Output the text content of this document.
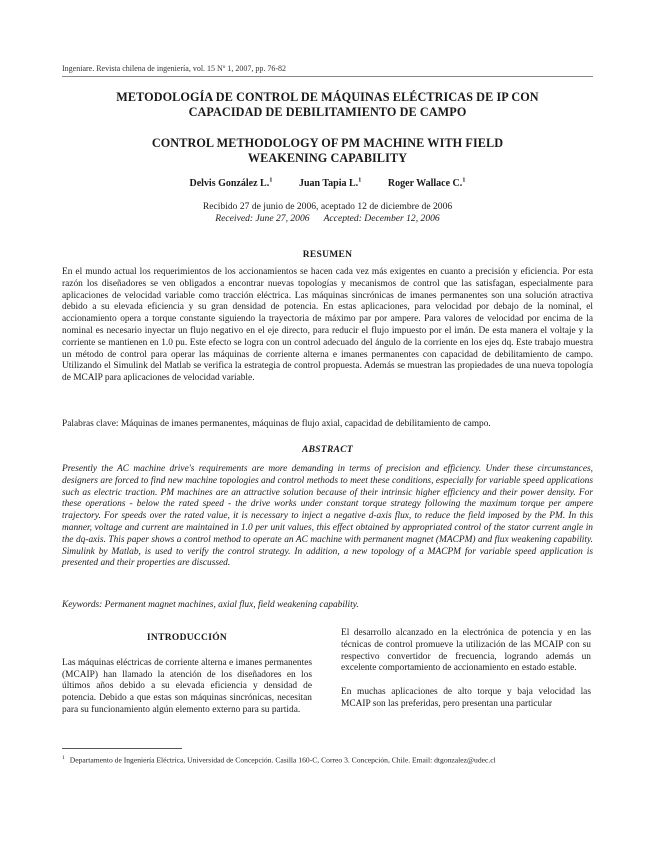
Ingeniare. Revista chilena de ingeniería, vol. 15 Nº 1, 2007, pp. 76-82
METODOLOGÍA DE CONTROL DE MÁQUINAS ELÉCTRICAS DE IP CON
CAPACIDAD DE DEBILITAMIENTO DE CAMPO
CONTROL METHODOLOGY OF PM MACHINE WITH FIELD
WEAKENING CAPABILITY
Delvis González L.$^1$	Juan Tapia L.$^1$	Roger Wallace C.$^1$
Recibido 27 de junio de 2006, aceptado 12 de diciembre de 2006
Received: June 27, 2006 Accepted: December 12, 2006
RESUMEN
En el mundo actual los requerimientos de los accionamientos se hacen cada vez más exigentes en cuanto a precisión y eficiencia. Por esta razón los diseñadores se ven obligados a encontrar nuevas topologías y mecanismos de control que las satisfagan, especialmente para aplicaciones de velocidad variable como tracción eléctrica. Las máquinas sincrónicas de imanes permanentes son una solución atractiva debido a su elevada eficiencia y su gran densidad de potencia. En estas aplicaciones, para velocidad por debajo de la nominal, el accionamiento opera a torque constante siguiendo la trayectoria de máximo par por ampere. Para valores de velocidad por encima de la nominal es necesario inyectar un flujo negativo en el eje directo, para reducir el flujo impuesto por el imán. De esta manera el voltaje y la corriente se mantienen en 1.0 pu. Este efecto se logra con un control adecuado del ángulo de la corriente en los ejes dq. Este trabajo muestra un método de control para operar las máquinas de corriente alterna e imanes permanentes con capacidad de debilitamiento de campo. Utilizando el Simulink del Matlab se verifica la estrategia de control propuesta. Además se muestran las propiedades de una nueva topología de MCAIP para aplicaciones de velocidad variable.
Palabras clave: Máquinas de imanes permanentes, máquinas de flujo axial, capacidad de debilitamiento de campo.
ABSTRACT
Presently the AC machine drive's requirements are more demanding in terms of precision and efficiency. Under these circumstances, designers are forced to find new machine topologies and control methods to meet these conditions, especially for variable speed applications such as electric traction. PM machines are an attractive solution because of their intrinsic higher efficiency and their power density. For these operations - below the rated speed - the drive works under constant torque strategy following the maximum torque per ampere trajectory. For speeds over the rated value, it is necessary to inject a negative d-axis flux, to reduce the field imposed by the PM. In this manner, voltage and current are maintained in 1.0 per unit values, this effect obtained by appropriated control of the stator current angle in the dq-axis. This paper shows a control method to operate an AC machine with permanent magnet (MACPM) and flux weakening capability. Simulink by Matlab, is used to verify the control strategy. In addition, a new topology of a MACPM for variable speed application is presented and their properties are discussed.
Keywords: Permanent magnet machines, axial flux, field weakening capability.
INTRODUCCIÓN

Las máquinas eléctricas de corriente alterna e imanes permanentes (MCAIP) han llamado la atención de los diseñadores en los últimos años debido a su elevada eficiencia y densidad de potencia. Debido a que estas son máquinas sincrónicas, necesitan para su funcionamiento algún elemento externo para su partida.

El desarrollo alcanzado en la electrónica de potencia y en las técnicas de control promueve la utilización de las MCAIP con su respectivo convertidor de frecuencia, logrando además un excelente comportamiento de accionamiento en estado estable.

En muchas aplicaciones de alto torque y baja velocidad las MCAIP son las preferidas, pero presentan una particular

$^1$ Departamento de Ingeniería Eléctrica, Universidad de Concepción. Casilla 160-C, Correo 3. Concepción, Chile. Email: dtgonzalez@udec.cl
